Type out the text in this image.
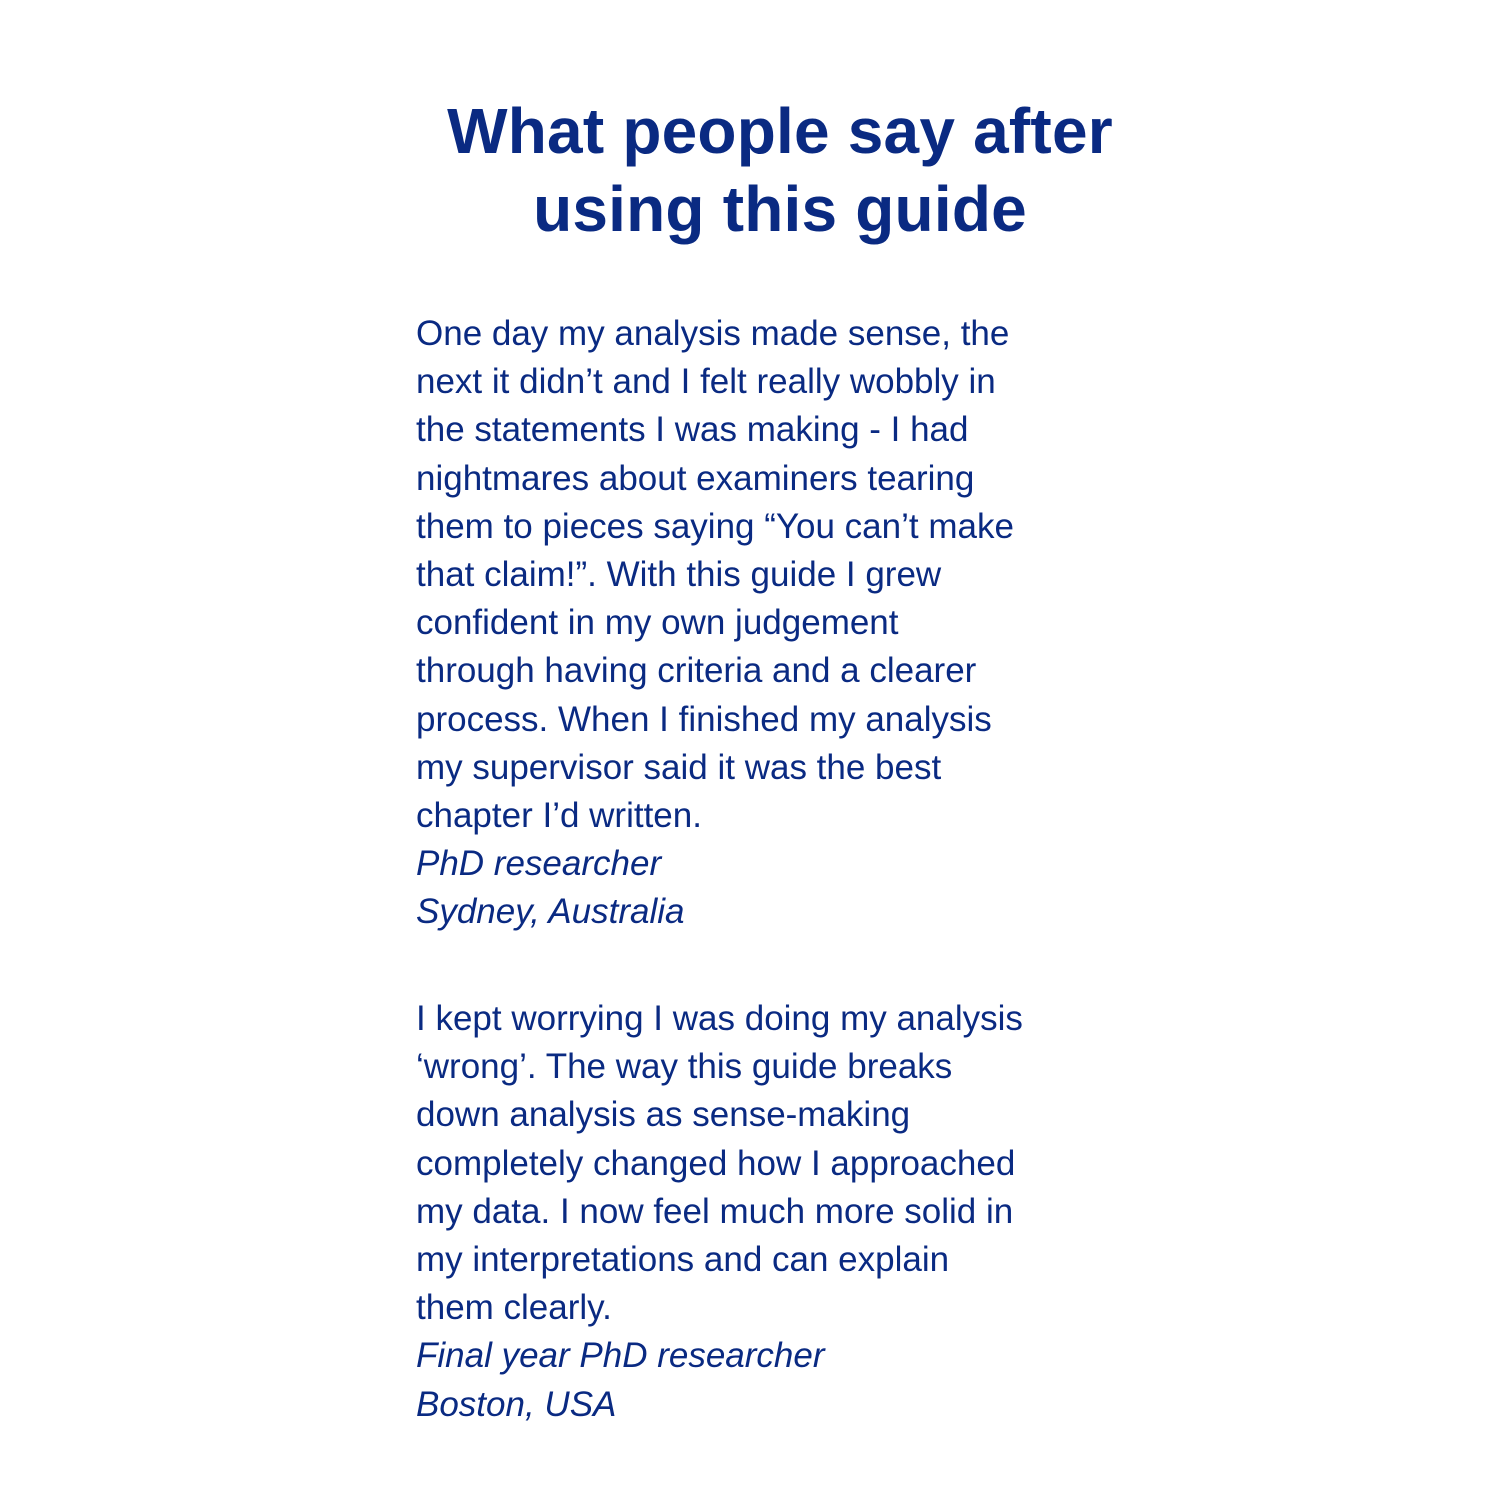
What people say after
using this guide
One day my analysis made sense, the
next it didn’t and I felt really wobbly in
the statements I was making - I had
nightmares about examiners tearing
them to pieces saying “You can’t make
that claim!”. With this guide I grew
confident in my own judgement
through having criteria and a clearer
process. When I finished my analysis
my supervisor said it was the best
chapter I’d written.
PhD researcher
Sydney, Australia
I kept worrying I was doing my analysis
‘wrong’. The way this guide breaks
down analysis as sense-making
completely changed how I approached
my data. I now feel much more solid in
my interpretations and can explain
them clearly.
Final year PhD researcher
Boston, USA
